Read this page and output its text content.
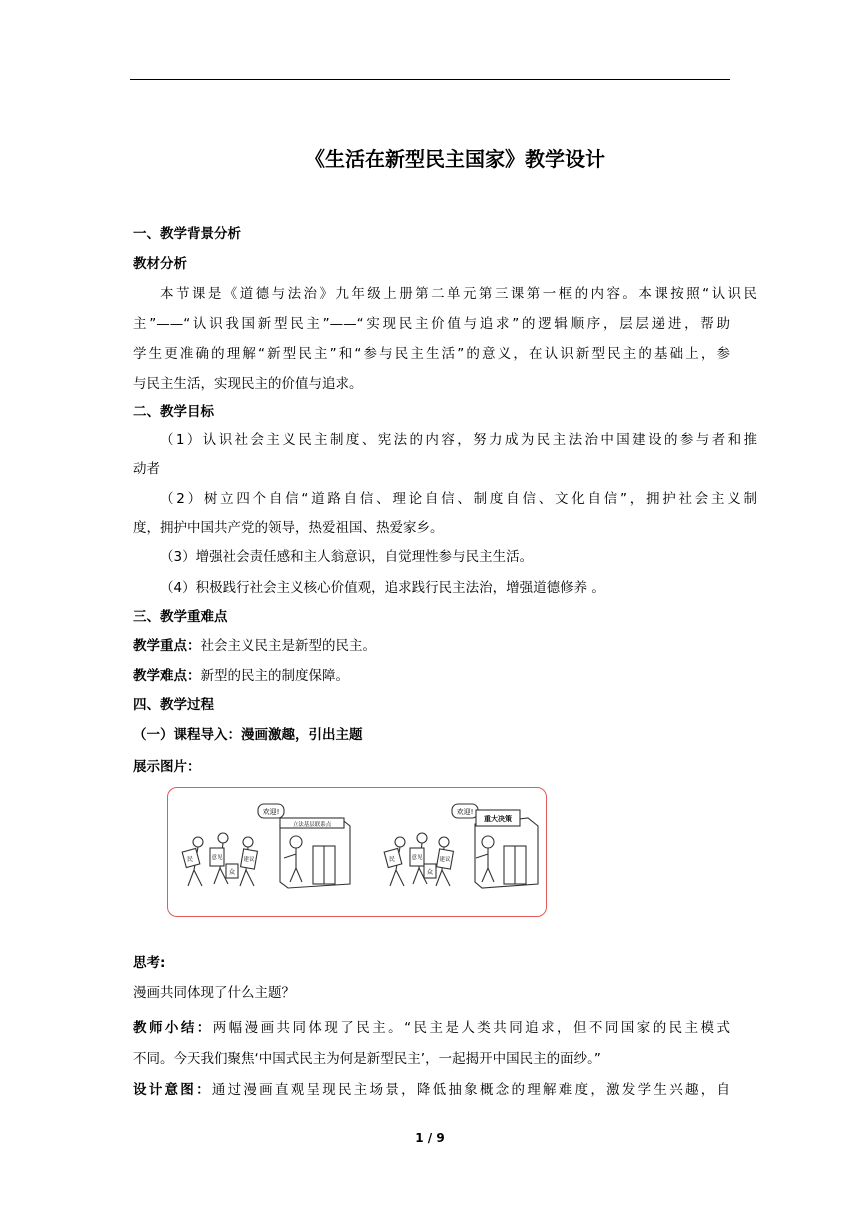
《生活在新型民主国家》教学设计
一、教学背景分析
教材分析
本节课是《道德与法治》九年级上册第二单元第三课第一框的内容。本课按照“认识民
主”——“认识我国新型民主”——“实现民主价值与追求”的逻辑顺序，层层递进，帮助
学生更准确的理解“新型民主”和“参与民主生活”的意义，在认识新型民主的基础上，参
与民主生活，实现民主的价值与追求。
二、教学目标
（1）认识社会主义民主制度、宪法的内容，努力成为民主法治中国建设的参与者和推
动者
（2）树立四个自信“道路自信、理论自信、制度自信、文化自信”，拥护社会主义制
度，拥护中国共产党的领导，热爱祖国、热爱家乡。
（3）增强社会责任感和主人翁意识，自觉理性参与民主生活。
（4）积极践行社会主义核心价值观，追求践行民主法治，增强道德修养 。
三、教学重难点
教学重点：社会主义民主是新型的民主。
教学难点：新型的民主的制度保障。
四、教学过程
（一）课程导入：漫画激趣，引出主题
展示图片：
欢迎!
立法基层联系点
民	意见	建议
众
欢迎!
重大决策
民	意见	建议
众
思考:
漫画共同体现了什么主题？
教师小结：两幅漫画共同体现了民主。“民主是人类共同追求，但不同国家的民主模式
不同。今天我们聚焦‘中国式民主为何是新型民主’，一起揭开中国民主的面纱。”
设计意图：通过漫画直观呈现民主场景，降低抽象概念的理解难度，激发学生兴趣，自
1 / 9
